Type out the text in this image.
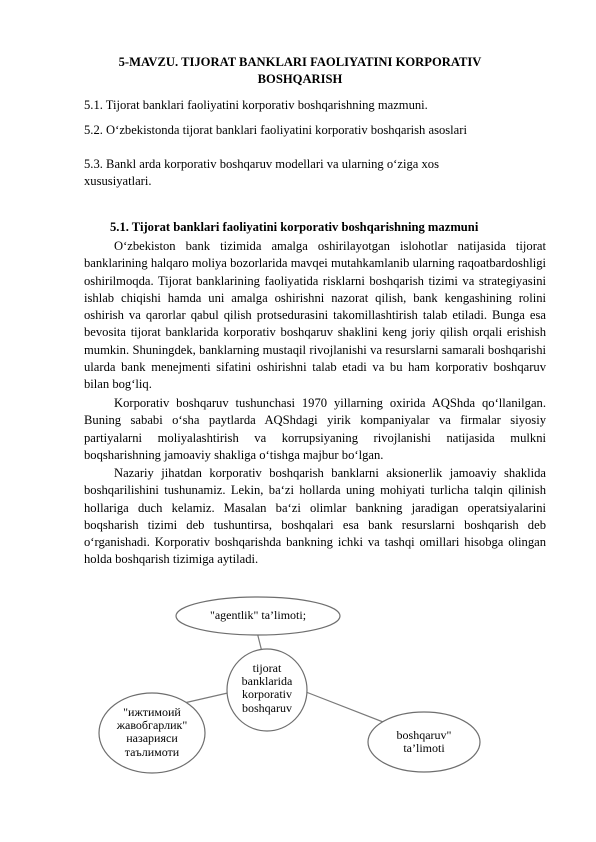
5-MAVZU. TIJORAT BANKLARI FAOLIYATINI KORPORATIV
BOSHQARISH
5.1. Tijorat banklari faoliyatini korporativ boshqarishning mazmuni.
5.2. O‘zbekistonda tijorat banklari faoliyatini korporativ boshqarish asoslari
5.3. Bankl arda korporativ boshqaruv modellari va ularning o‘ziga xos xususiyatlari.
5.1. Tijorat banklari faoliyatini korporativ boshqarishning mazmuni

O‘zbekiston bank tizimida amalga oshirilayotgan islohotlar natijasida tijorat banklarining halqaro moliya bozorlarida mavqei mutahkamlanib ularning raqoatbardoshligi oshirilmoqda. Tijorat banklarining faoliyatida risklarni boshqarish tizimi va strategiyasini ishlab chiqishi hamda uni amalga oshirishni nazorat qilish, bank kengashining rolini oshirish va qarorlar qabul qilish protsedurasini takomillashtirish talab etiladi. Bunga esa bevosita tijorat banklarida korporativ boshqaruv shaklini keng joriy qilish orqali erishish mumkin. Shuningdek, banklarning mustaqil rivojlanishi va resurslarni samarali boshqarishi ularda bank menejmenti sifatini oshirishni talab etadi va bu ham korporativ boshqaruv bilan bog‘liq.

Korporativ boshqaruv tushunchasi 1970 yillarning oxirida AQShda qo‘llanilgan. Buning sababi o‘sha paytlarda AQShdagi yirik kompaniyalar va firmalar siyosiy partiyalarni moliyalashtirish va korrupsiyaning rivojlanishi natijasida mulkni boqsharishning jamoaviy shakliga o‘tishga majbur bo‘lgan.

Nazariy jihatdan korporativ boshqarish banklarni aksionerlik jamoaviy shaklida boshqarilishini tushunamiz. Lekin, ba‘zi hollarda uning mohiyati turlicha talqin qilinish hollariga duch kelamiz. Masalan ba‘zi olimlar bankning jaradigan operatsiyalarini boqsharish tizimi deb tushuntirsa, boshqalari esa bank resurslarni boshqarish deb o‘rganishadi. Korporativ boshqarishda bankning ichki va tashqi omillari hisobga olingan holda boshqarish tizimiga aytiladi.

"agentlik" ta’limoti;
tijorat
banklarida
korporativ
boshqaruv
"ижтимоий
жавобгарлик"
назарияси
таълимоти
boshqaruv"
ta’limoti
